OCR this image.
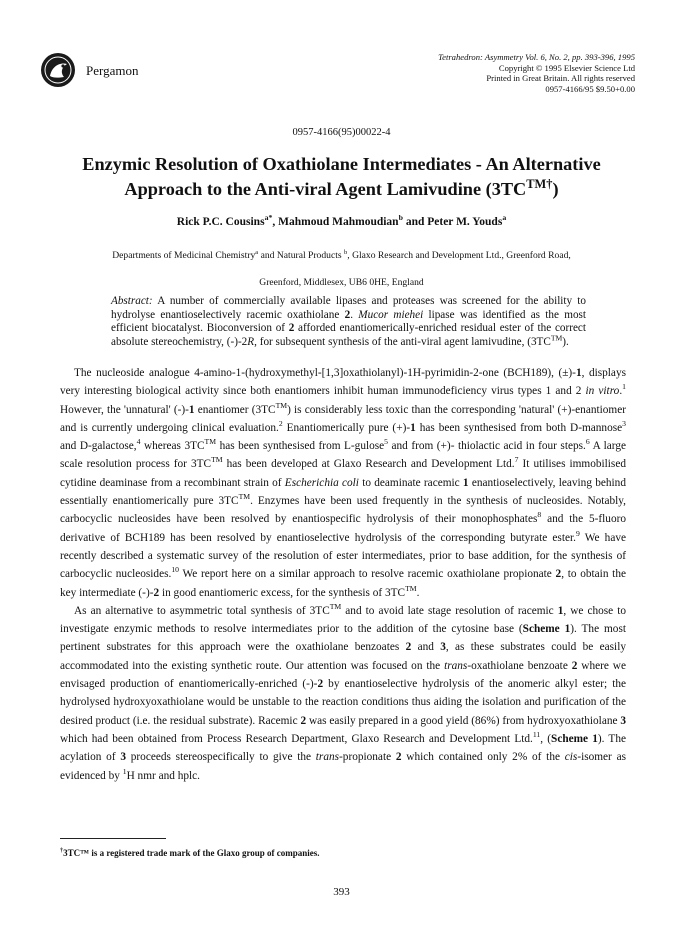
Pergamon
Tetrahedron: Asymmetry Vol. 6, No. 2, pp. 393-396, 1995
Copyright © 1995 Elsevier Science Ltd
Printed in Great Britain. All rights reserved
0957-4166/95 $9.50+0.00
0957-4166(95)00022-4
Enzymic Resolution of Oxathiolane Intermediates - An Alternative
Approach to the Anti-viral Agent Lamivudine $(3TC^{TM\dagger})$
Rick P.C. Cousins$^{a*}$, Mahmoud Mahmoudian$^b$ and Peter M. Youds$^a$
Departments of Medicinal Chemistry$^a$ and Natural Products $^b$, Glaxo Research and Development Ltd., Greenford Road,
Greenford, Middlesex, UB6 0HE, England
Abstract: A number of commercially available lipases and proteases was screened for the ability to hydrolyse enantioselectively racemic oxathiolane 2. Mucor miehei lipase was identified as the most efficient biocatalyst. Bioconversion of 2 afforded enantiomerically-enriched residual ester of the correct absolute stereochemistry, (-)-2R, for subsequent synthesis of the anti-viral agent lamivudine, (3TC™).

The nucleoside analogue 4-amino-1-(hydroxymethyl-[1,3]oxathiolanyl)-1H-pyrimidin-2-one (BCH189), (±)-1, displays very interesting biological activity since both enantiomers inhibit human immunodeficiency virus types 1 and 2 in vitro.$^1$ However, the 'unnatural' (-)-1 enantiomer (3TC™) is considerably less toxic than the corresponding 'natural' (+)-enantiomer and is currently undergoing clinical evaluation.$^2$ Enantiomerically pure (+)-1 has been synthesised from both D-mannose$^3$ and D-galactose,$^4$ whereas 3TC™ has been synthesised from L-gulose$^5$ and from (+)- thiolactic acid in four steps.$^6$ A large scale resolution process for 3TC™ has been developed at Glaxo Research and Development Ltd.$^7$ It utilises immobilised cytidine deaminase from a recombinant strain of Escherichia coli to deaminate racemic 1 enantioselectively, leaving behind essentially enantiomerically pure 3TC™. Enzymes have been used frequently in the synthesis of nucleosides. Notably, carbocyclic nucleosides have been resolved by enantiospecific hydrolysis of their monophosphates$^8$ and the 5-fluoro derivative of BCH189 has been resolved by enantioselective hydrolysis of the corresponding butyrate ester.$^9$ We have recently described a systematic survey of the resolution of ester intermediates, prior to base addition, for the synthesis of carbocyclic nucleosides.$^{10}$ We report here on a similar approach to resolve racemic oxathiolane propionate 2, to obtain the key intermediate (-)-2 in good enantiomeric excess, for the synthesis of 3TC™.

As an alternative to asymmetric total synthesis of 3TC™ and to avoid late stage resolution of racemic 1, we chose to investigate enzymic methods to resolve intermediates prior to the addition of the cytosine base (Scheme 1). The most pertinent substrates for this approach were the oxathiolane benzoates 2 and 3, as these substrates could be easily accommodated into the existing synthetic route. Our attention was focused on the trans-oxathiolane benzoate 2 where we envisaged production of enantiomerically-enriched (-)-2 by enantioselective hydrolysis of the anomeric alkyl ester; the hydrolysed hydroxyoxathiolane would be unstable to the reaction conditions thus aiding the isolation and purification of the desired product (i.e. the residual substrate). Racemic 2 was easily prepared in a good yield (86%) from hydroxyoxathiolane 3 which had been obtained from Process Research Department, Glaxo Research and Development Ltd.$^{11}$, (Scheme 1). The acylation of 3 proceeds stereospecifically to give the trans-propionate 2 which contained only 2% of the cis-isomer as evidenced by $^1$H nmr and hplc.

†3TC™ is a registered trade mark of the Glaxo group of companies.
393
